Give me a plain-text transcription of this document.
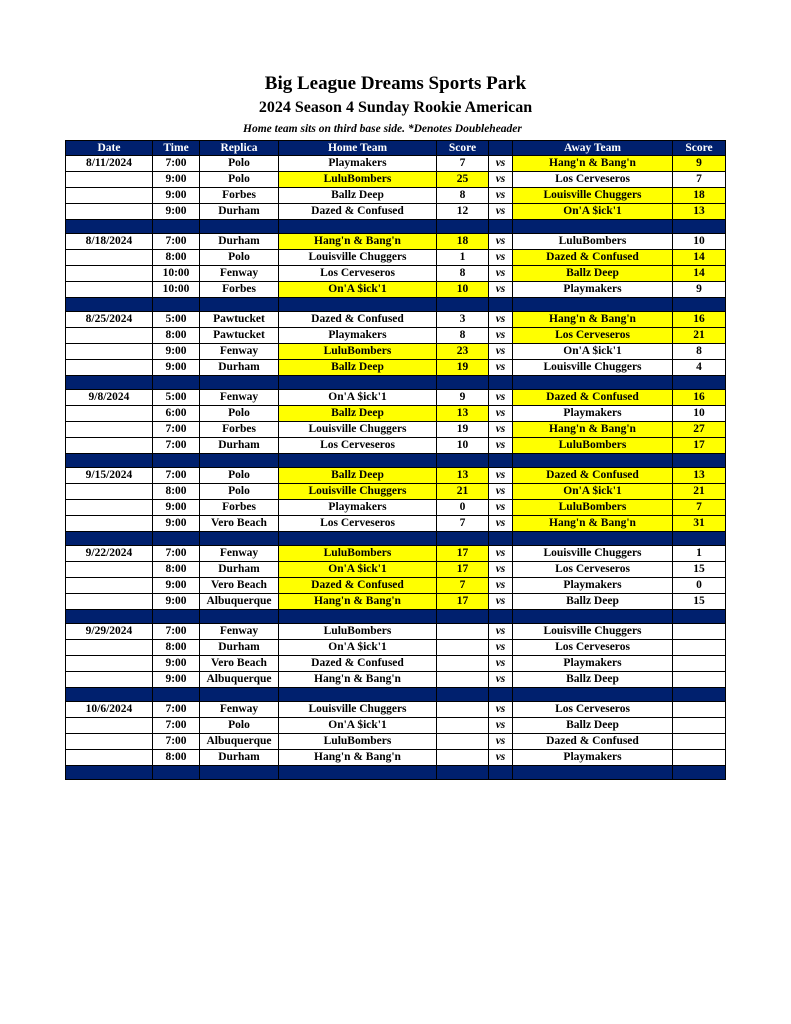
Big League Dreams Sports Park
2024 Season 4 Sunday Rookie American
Home team sits on third base side. *Denotes Doubleheader
Date	Time	Replica	Home Team	Score		Away Team	Score
8/11/2024	7:00	Polo	Playmakers	7	vs	Hang'n & Bang'n	9
	9:00	Polo	LuluBombers	25	vs	Los Cerveseros	7
	9:00	Forbes	Ballz Deep	8	vs	Louisville Chuggers	18
	9:00	Durham	Dazed & Confused	12	vs	On'A $ick'1	13

8/18/2024	7:00	Durham	Hang'n & Bang'n	18	vs	LuluBombers	10
	8:00	Polo	Louisville Chuggers	1	vs	Dazed & Confused	14
	10:00	Fenway	Los Cerveseros	8	vs	Ballz Deep	14
	10:00	Forbes	On'A $ick'1	10	vs	Playmakers	9

8/25/2024	5:00	Pawtucket	Dazed & Confused	3	vs	Hang'n & Bang'n	16
	8:00	Pawtucket	Playmakers	8	vs	Los Cerveseros	21
	9:00	Fenway	LuluBombers	23	vs	On'A $ick'1	8
	9:00	Durham	Ballz Deep	19	vs	Louisville Chuggers	4

9/8/2024	5:00	Fenway	On'A $ick'1	9	vs	Dazed & Confused	16
	6:00	Polo	Ballz Deep	13	vs	Playmakers	10
	7:00	Forbes	Louisville Chuggers	19	vs	Hang'n & Bang'n	27
	7:00	Durham	Los Cerveseros	10	vs	LuluBombers	17

9/15/2024	7:00	Polo	Ballz Deep	13	vs	Dazed & Confused	13
	8:00	Polo	Louisville Chuggers	21	vs	On'A $ick'1	21
	9:00	Forbes	Playmakers	0	vs	LuluBombers	7
	9:00	Vero Beach	Los Cerveseros	7	vs	Hang'n & Bang'n	31

9/22/2024	7:00	Fenway	LuluBombers	17	vs	Louisville Chuggers	1
	8:00	Durham	On'A $ick'1	17	vs	Los Cerveseros	15
	9:00	Vero Beach	Dazed & Confused	7	vs	Playmakers	0
	9:00	Albuquerque	Hang'n & Bang'n	17	vs	Ballz Deep	15

9/29/2024	7:00	Fenway	LuluBombers		vs	Louisville Chuggers	
	8:00	Durham	On'A $ick'1		vs	Los Cerveseros	
	9:00	Vero Beach	Dazed & Confused		vs	Playmakers	
	9:00	Albuquerque	Hang'n & Bang'n		vs	Ballz Deep	

10/6/2024	7:00	Fenway	Louisville Chuggers		vs	Los Cerveseros	
	7:00	Polo	On'A $ick'1		vs	Ballz Deep	
	7:00	Albuquerque	LuluBombers		vs	Dazed & Confused	
	8:00	Durham	Hang'n & Bang'n		vs	Playmakers	
